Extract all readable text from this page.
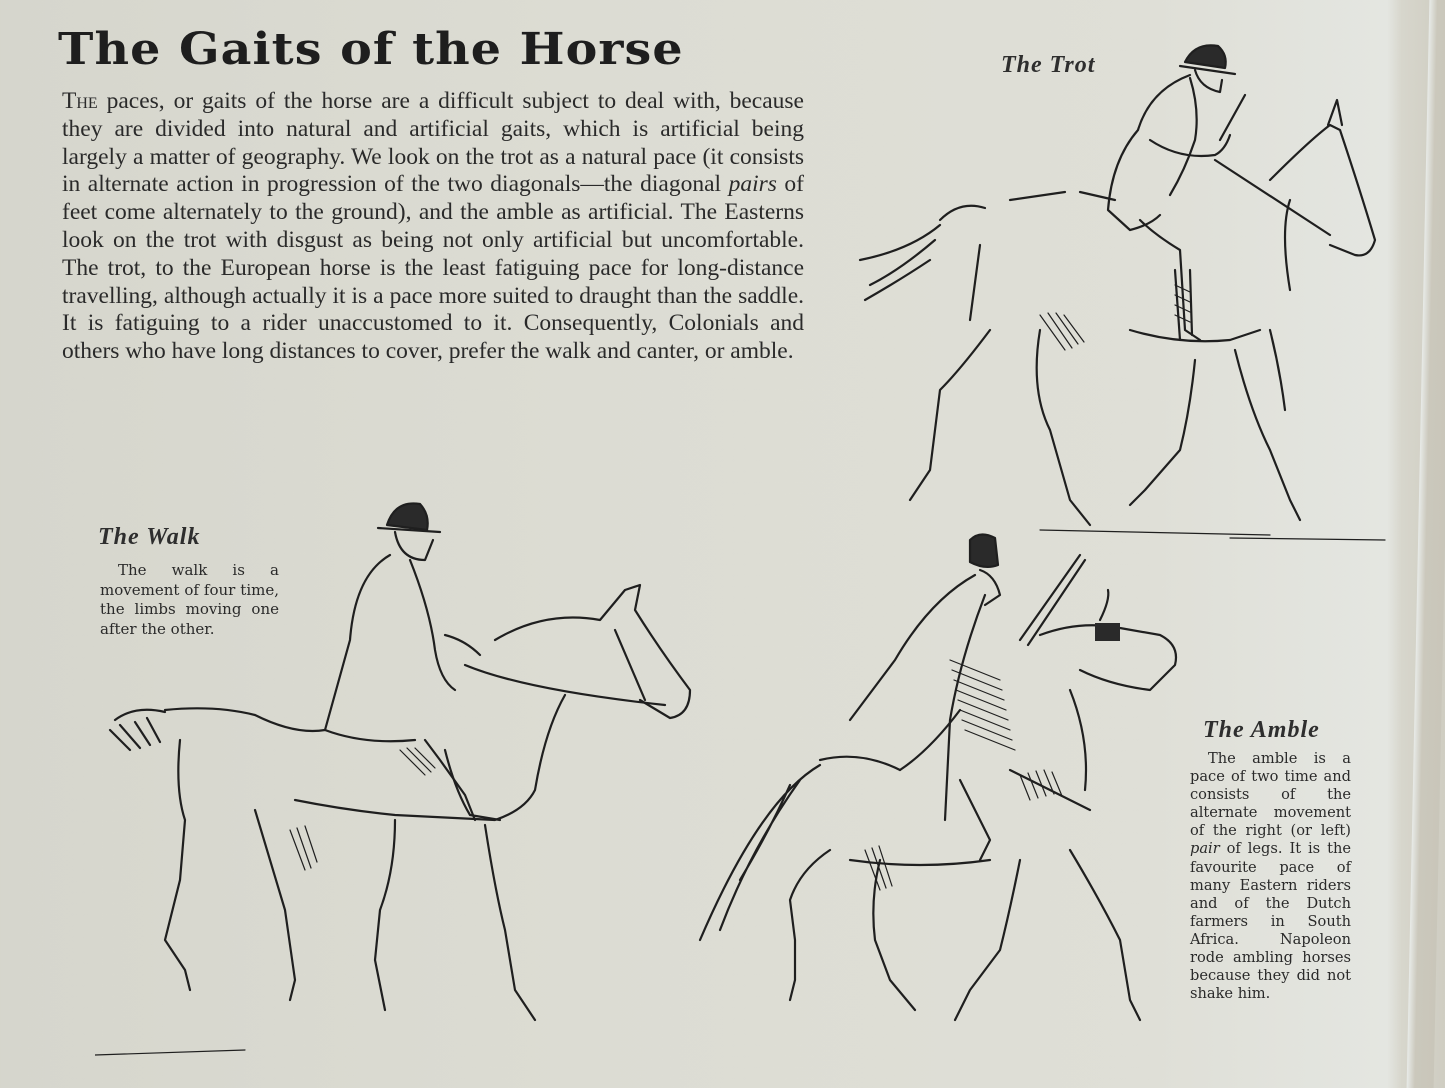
The Gaits of the Horse

The paces, or gaits of the horse are a difficult subject to deal with, because they are divided into natural and artificial gaits, which is artificial being largely a matter of geography. We look on the trot as a natural pace (it consists in alternate action in progression of the two diagonals—the diagonal pairs of feet come alternately to the ground), and the amble as artificial. The Easterns look on the trot with disgust as being not only artificial but uncomfortable. The trot, to the European horse is the least fatiguing pace for long-distance travelling, although actually it is a pace more suited to draught than the saddle. It is fatiguing to a rider unaccustomed to it. Consequently, Colonials and others who have long distances to cover, prefer the walk and canter, or amble.

The Trot
The Walk

The walk is a movement of four time, the limbs moving one after the other.

The Amble

The amble is a pace of two time and consists of the alternate movement of the right (or left) pair of legs. It is the favourite pace of many Eastern riders and of the Dutch farmers in South Africa. Napoleon rode ambling horses because they did not shake him.
